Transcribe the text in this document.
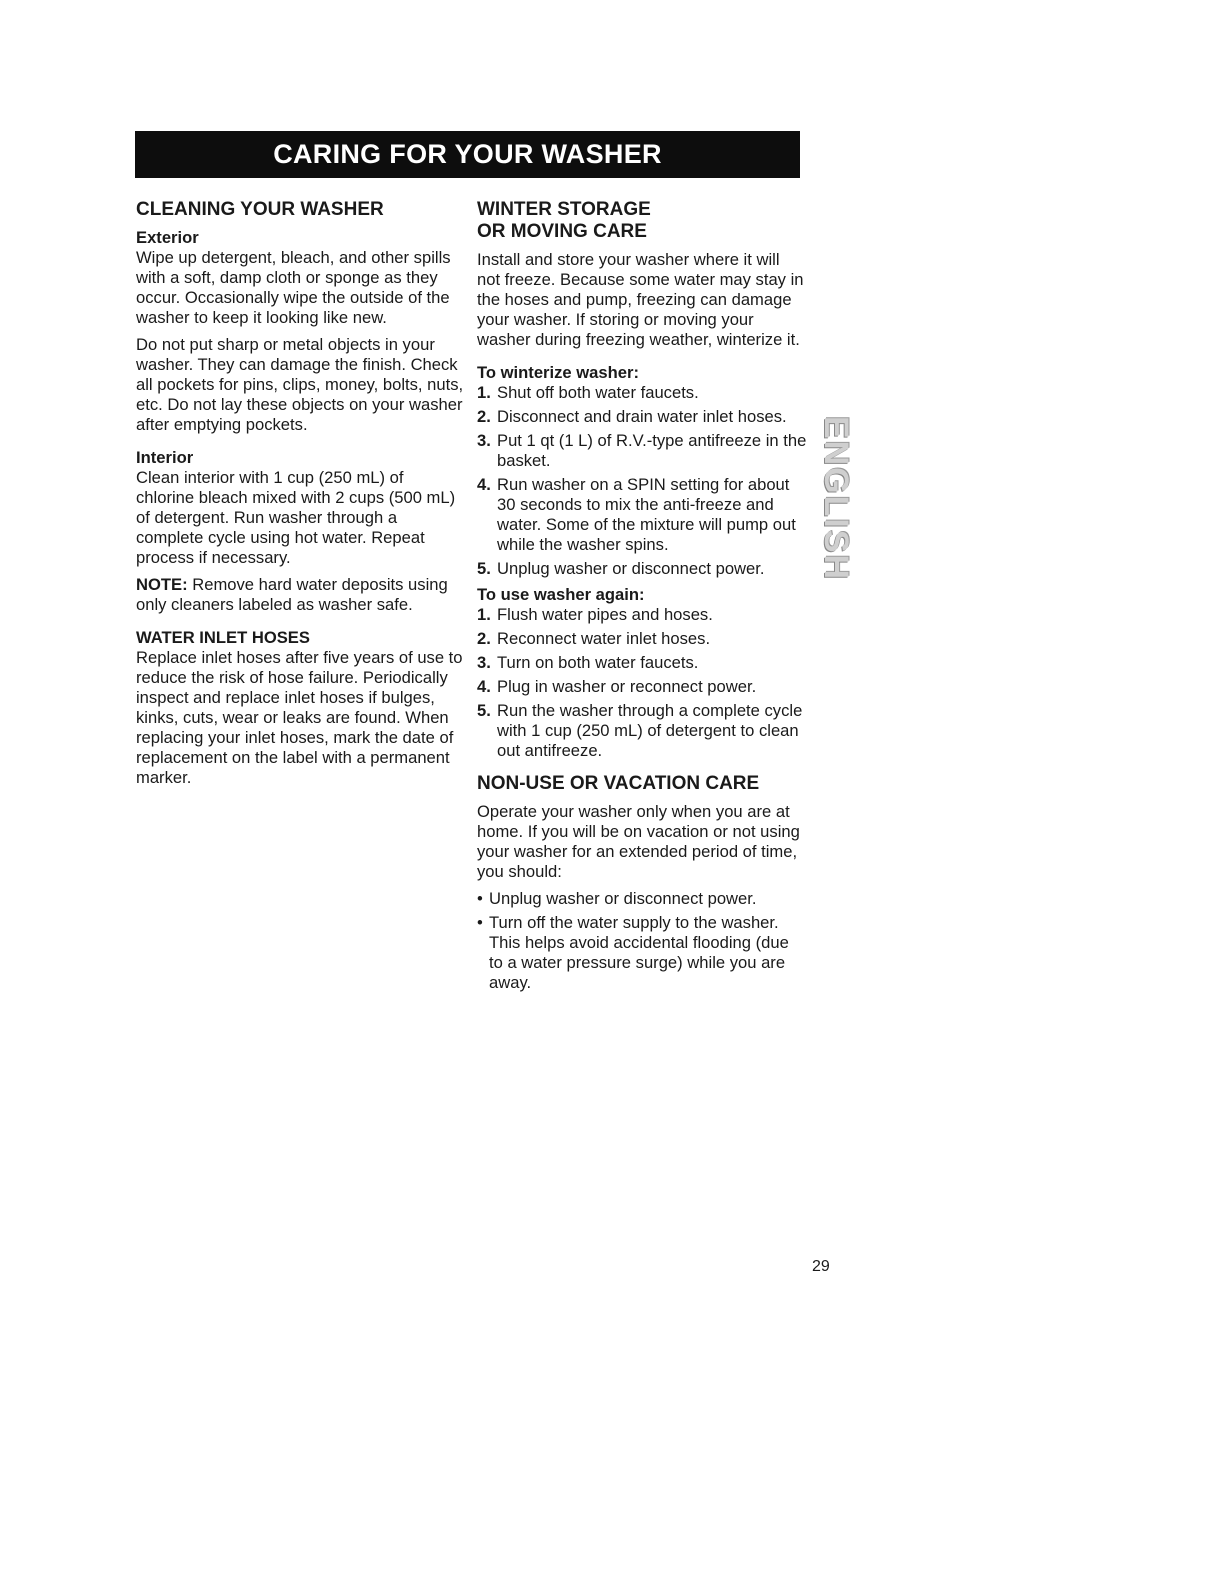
CARING FOR YOUR WASHER
CLEANING YOUR WASHER
Exterior

Wipe up detergent, bleach, and other spills with a soft, damp cloth or sponge as they occur. Occasionally wipe the outside of the washer to keep it looking like new.

Do not put sharp or metal objects in your washer. They can damage the finish. Check all pockets for pins, clips, money, bolts, nuts, etc. Do not lay these objects on your washer after emptying pockets.

Interior

Clean interior with 1 cup (250 mL) of chlorine bleach mixed with 2 cups (500 mL) of detergent. Run washer through a complete cycle using hot water. Repeat process if necessary.

NOTE: Remove hard water deposits using only cleaners labeled as washer safe.

WATER INLET HOSES

Replace inlet hoses after five years of use to reduce the risk of hose failure. Periodically inspect and replace inlet hoses if bulges, kinks, cuts, wear or leaks are found. When replacing your inlet hoses, mark the date of replacement on the label with a permanent marker.

WINTER STORAGE
OR MOVING CARE

Install and store your washer where it will not freeze. Because some water may stay in the hoses and pump, freezing can damage your washer. If storing or moving your washer during freezing weather, winterize it.

To winterize washer:
1. Shut off both water faucets.
2. Disconnect and drain water inlet hoses.
3. Put 1 qt (1 L) of R.V.-type antifreeze in the basket.
4. Run washer on a SPIN setting for about 30 seconds to mix the anti-freeze and water. Some of the mixture will pump out while the washer spins.
5. Unplug washer or disconnect power.
To use washer again:
1. Flush water pipes and hoses.
2. Reconnect water inlet hoses.
3. Turn on both water faucets.
4. Plug in washer or reconnect power.
5. Run the washer through a complete cycle with 1 cup (250 mL) of detergent to clean out antifreeze.
NON-USE OR VACATION CARE

Operate your washer only when you are at home. If you will be on vacation or not using your washer for an extended period of time, you should:

• Unplug washer or disconnect power.
• Turn off the water supply to the washer. This helps avoid accidental flooding (due to a water pressure surge) while you are away.
ENGLISH
29
